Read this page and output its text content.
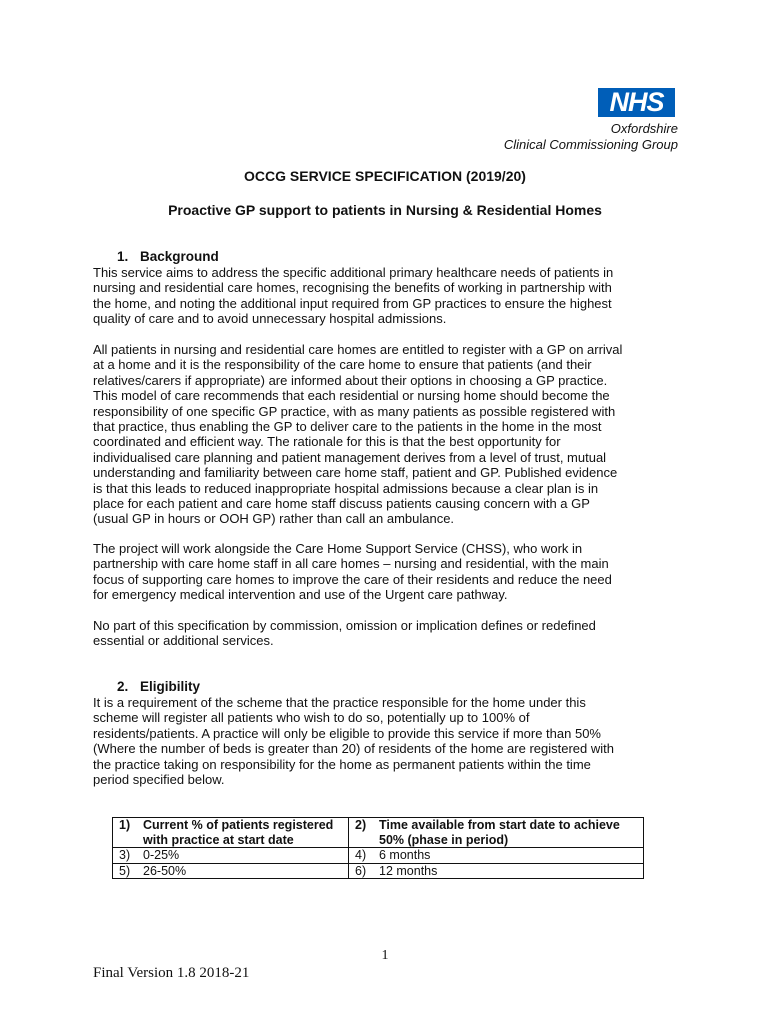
NHS
Oxfordshire
Clinical Commissioning Group
OCCG SERVICE SPECIFICATION (2019/20)
Proactive GP support to patients in Nursing & Residential Homes
1. Background
This service aims to address the specific additional primary healthcare needs of patients in
nursing and residential care homes, recognising the benefits of working in partnership with
the home, and noting the additional input required from GP practices to ensure the highest
quality of care and to avoid unnecessary hospital admissions.
All patients in nursing and residential care homes are entitled to register with a GP on arrival
at a home and it is the responsibility of the care home to ensure that patients (and their
relatives/carers if appropriate) are informed about their options in choosing a GP practice.
This model of care recommends that each residential or nursing home should become the
responsibility of one specific GP practice, with as many patients as possible registered with
that practice, thus enabling the GP to deliver care to the patients in the home in the most
coordinated and efficient way. The rationale for this is that the best opportunity for
individualised care planning and patient management derives from a level of trust, mutual
understanding and familiarity between care home staff, patient and GP. Published evidence
is that this leads to reduced inappropriate hospital admissions because a clear plan is in
place for each patient and care home staff discuss patients causing concern with a GP
(usual GP in hours or OOH GP) rather than call an ambulance.
The project will work alongside the Care Home Support Service (CHSS), who work in
partnership with care home staff in all care homes – nursing and residential, with the main
focus of supporting care homes to improve the care of their residents and reduce the need
for emergency medical intervention and use of the Urgent care pathway.
No part of this specification by commission, omission or implication defines or redefined
essential or additional services.
2. Eligibility
It is a requirement of the scheme that the practice responsible for the home under this
scheme will register all patients who wish to do so, potentially up to 100% of
residents/patients. A practice will only be eligible to provide this service if more than 50%
(Where the number of beds is greater than 20) of residents of the home are registered with
the practice taking on responsibility for the home as permanent patients within the time
period specified below.
1) Current % of patients registered
with practice at start date	2) Time available from start date to achieve
50% (phase in period)

3) 0-25%	4) 6 months
5) 26-50%	6) 12 months
1
Final Version 1.8 2018-21
